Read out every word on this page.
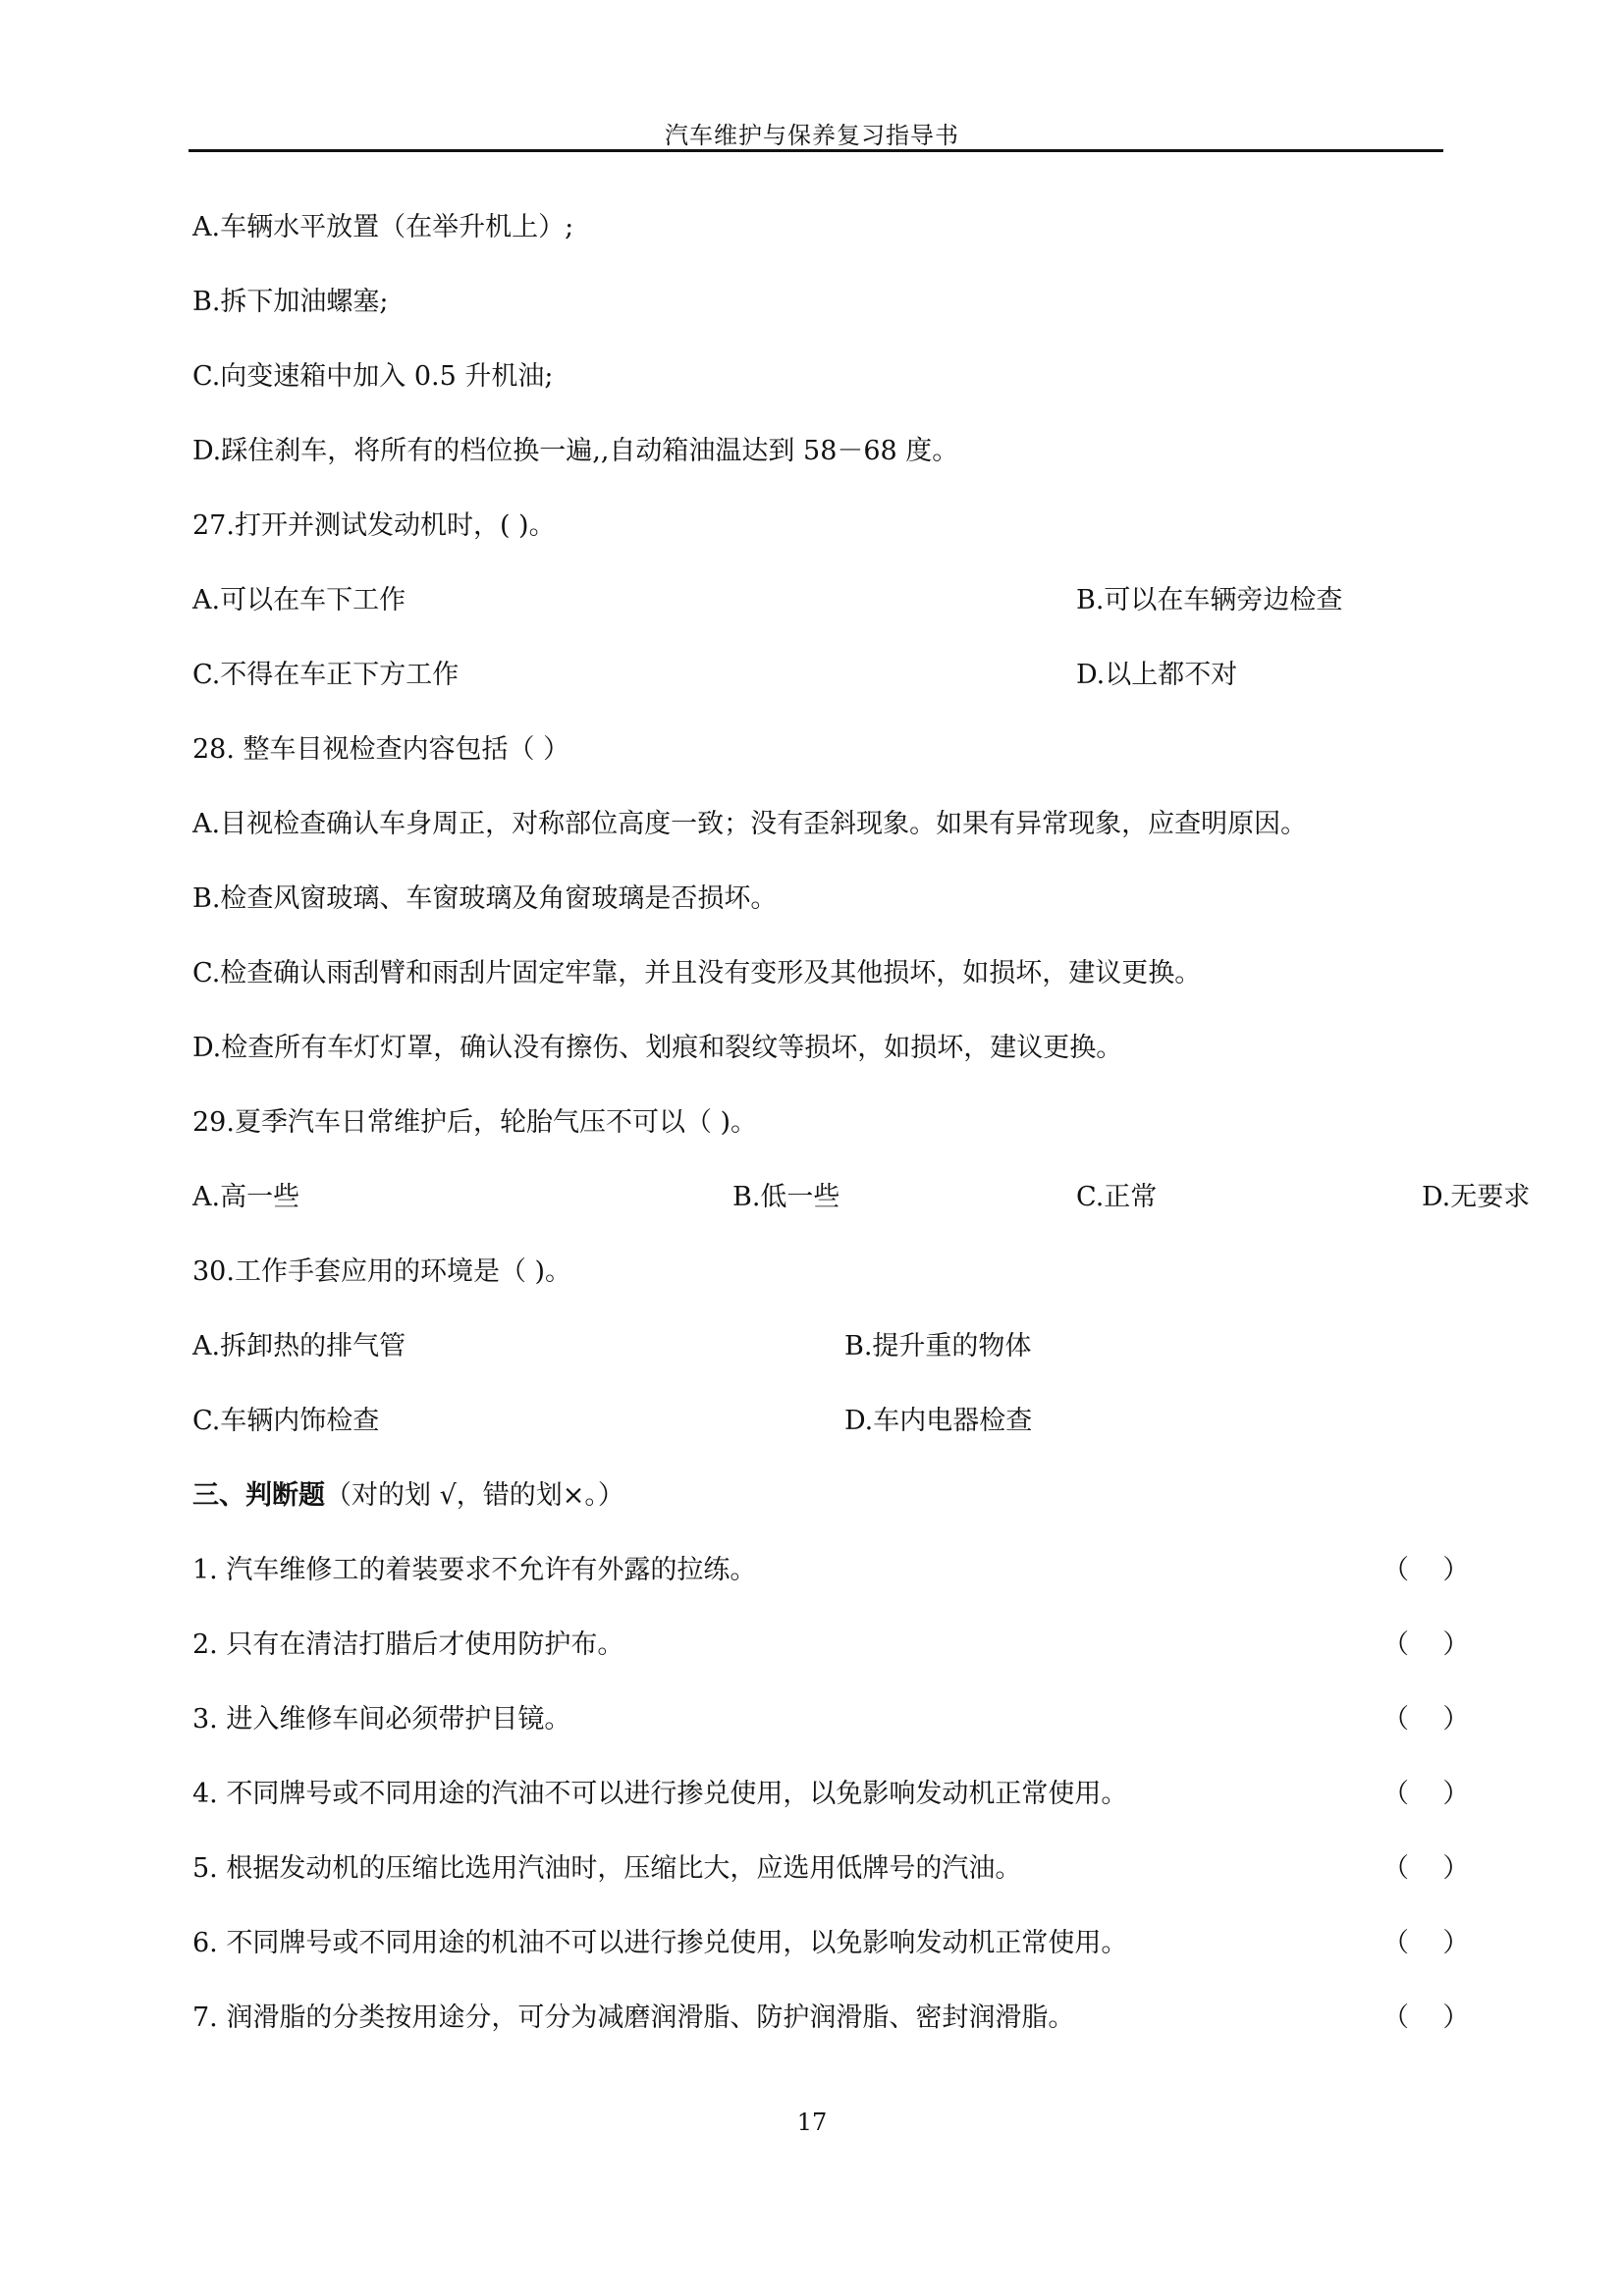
汽车维护与保养复习指导书
A.车辆水平放置（在举升机上）;
B.拆下加油螺塞;
C.向变速箱中加入 0.5 升机油;
D.踩住刹车，将所有的档位换一遍,,自动箱油温达到 58－68 度。
27.打开并测试发动机时，( )。
A.可以在车下工作	B.可以在车辆旁边检查
C.不得在车正下方工作	D.以上都不对
28. 整车目视检查内容包括（ ）
A.目视检查确认车身周正，对称部位高度一致；没有歪斜现象。如果有异常现象，应查明原因。
B.检查风窗玻璃、车窗玻璃及角窗玻璃是否损坏。
C.检查确认雨刮臂和雨刮片固定牢靠，并且没有变形及其他损坏，如损坏，建议更换。
D.检查所有车灯灯罩，确认没有擦伤、划痕和裂纹等损坏，如损坏，建议更换。
29.夏季汽车日常维护后，轮胎气压不可以（ )。
A.高一些	B.低一些	C.正常	D.无要求
30.工作手套应用的环境是（ )。
A.拆卸热的排气管	B.提升重的物体
C.车辆内饰检查	D.车内电器检查
三、判断题（对的划 √，错的划×。）
1. 汽车维修工的着装要求不允许有外露的拉练。	（    ）
2. 只有在清洁打腊后才使用防护布。	（    ）
3. 进入维修车间必须带护目镜。	（    ）
4. 不同牌号或不同用途的汽油不可以进行掺兑使用，以免影响发动机正常使用。	（    ）
5. 根据发动机的压缩比选用汽油时，压缩比大，应选用低牌号的汽油。	（    ）
6. 不同牌号或不同用途的机油不可以进行掺兑使用，以免影响发动机正常使用。	（    ）
7. 润滑脂的分类按用途分，可分为减磨润滑脂、防护润滑脂、密封润滑脂。	（    ）
17
